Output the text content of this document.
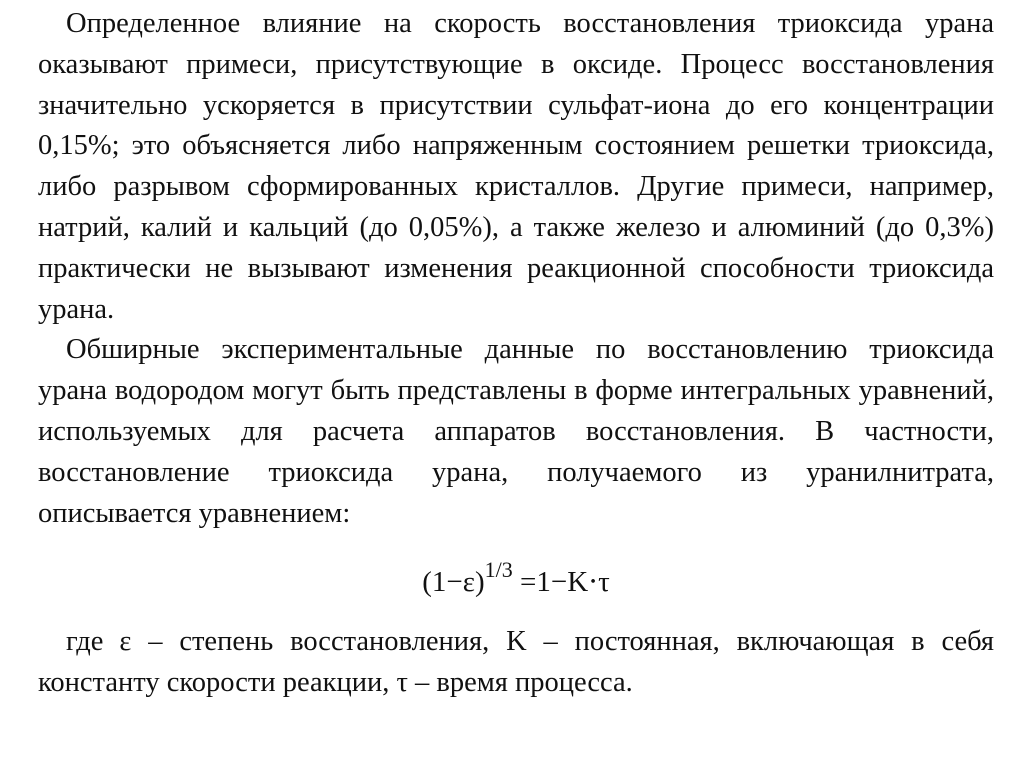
Определенное влияние на скорость восстановления триоксида урана оказывают примеси, присутствующие в оксиде. Процесс восстановления значительно ускоряется в присутствии сульфат-иона до его концентрации 0,15%; это объясняется либо напряженным состоянием решетки триоксида, либо разрывом сформированных кристаллов. Другие примеси, например, натрий, калий и кальций (до 0,05%), а также железо и алюминий (до 0,3%) практически не вызывают изменения реакционной способности триоксида урана.

Обширные экспериментальные данные по восстановлению триоксида урана водородом могут быть представлены в форме интегральных уравнений, используемых для расчета аппаратов восстановления. В частности, восстановление триоксида урана, получаемого из уранилнитрата, описывается уравнением:

$(1-\varepsilon)^{1/3} =1-K\cdot\tau$

где ε – степень восстановления, K – постоянная, включающая в себя константу скорости реакции, τ – время процесса.
